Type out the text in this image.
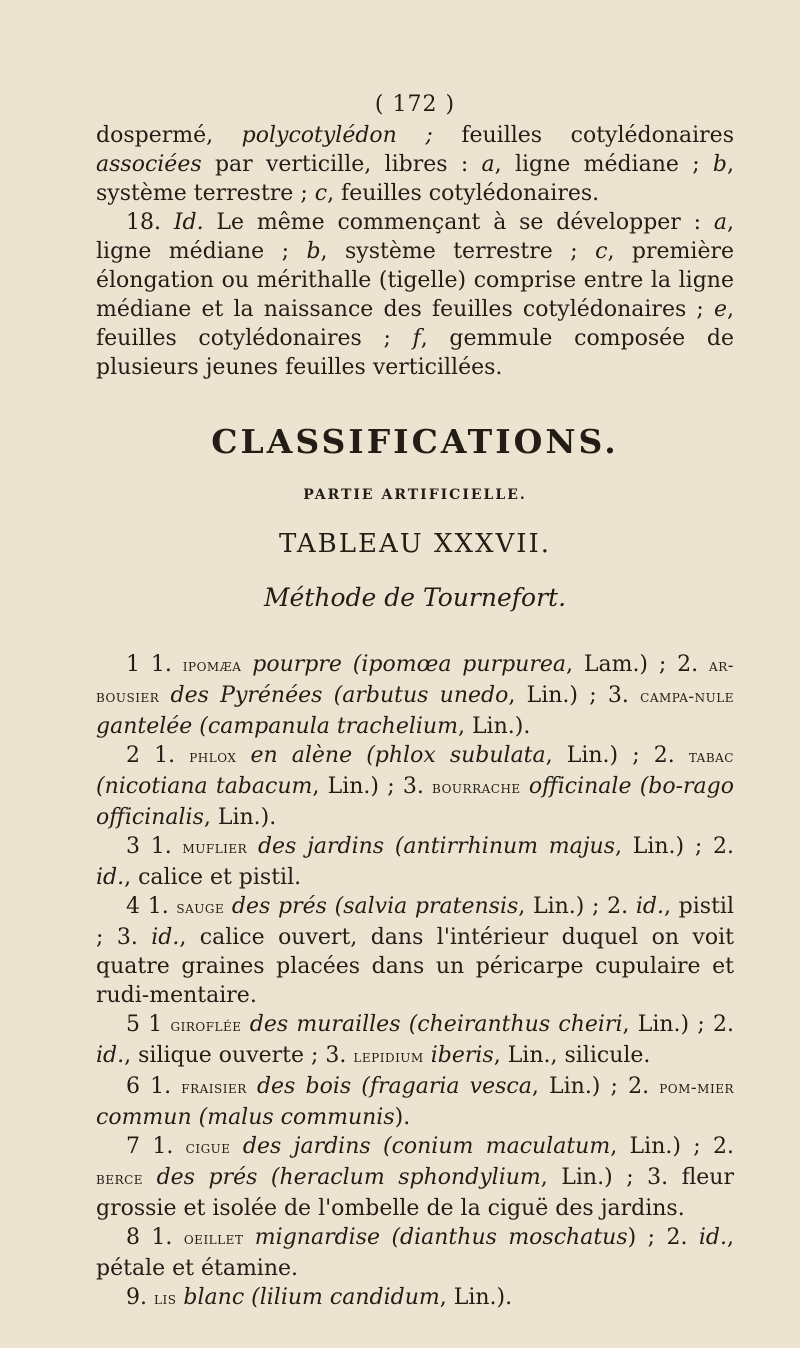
( 172 )

dospermé, polycotylédon ; feuilles cotylédonaires associées par verticille, libres : a, ligne médiane ; b, système terrestre ; c, feuilles cotylédonaires.

18. Id. Le même commençant à se développer : a, ligne médiane ; b, système terrestre ; c, première élongation ou mérithalle (tigelle) comprise entre la ligne médiane et la naissance des feuilles cotylédonaires ; e, feuilles cotylédonaires ; f, gemmule composée de plusieurs jeunes feuilles verticillées.

CLASSIFICATIONS.
PARTIE ARTIFICIELLE.
TABLEAU XXXVII.
Méthode de Tournefort.

1 1. ipomæa pourpre (ipomœa purpurea, Lam.) ; 2. ar-bousier des Pyrénées (arbutus unedo, Lin.) ; 3. campa-nule gantelée (campanula trachelium, Lin.).

2 1. phlox en alène (phlox subulata, Lin.) ; 2. tabac (nicotiana tabacum, Lin.) ; 3. bourrache officinale (bo-rago officinalis, Lin.).

3 1. muflier des jardins (antirrhinum majus, Lin.) ; 2. id., calice et pistil.

4 1. sauge des prés (salvia pratensis, Lin.) ; 2. id., pistil ; 3. id., calice ouvert, dans l'intérieur duquel on voit quatre graines placées dans un péricarpe cupulaire et rudi-mentaire.

5 1 giroflée des murailles (cheiranthus cheiri, Lin.) ; 2. id., silique ouverte ; 3. lepidium iberis, Lin., silicule.

6 1. fraisier des bois (fragaria vesca, Lin.) ; 2. pom-mier commun (malus communis).

7 1. cigue des jardins (conium maculatum, Lin.) ; 2. berce des prés (heraclum sphondylium, Lin.) ; 3. fleur grossie et isolée de l'ombelle de la ciguë des jardins.

8 1. oeillet mignardise (dianthus moschatus) ; 2. id., pétale et étamine.

9. lis blanc (lilium candidum, Lin.).
